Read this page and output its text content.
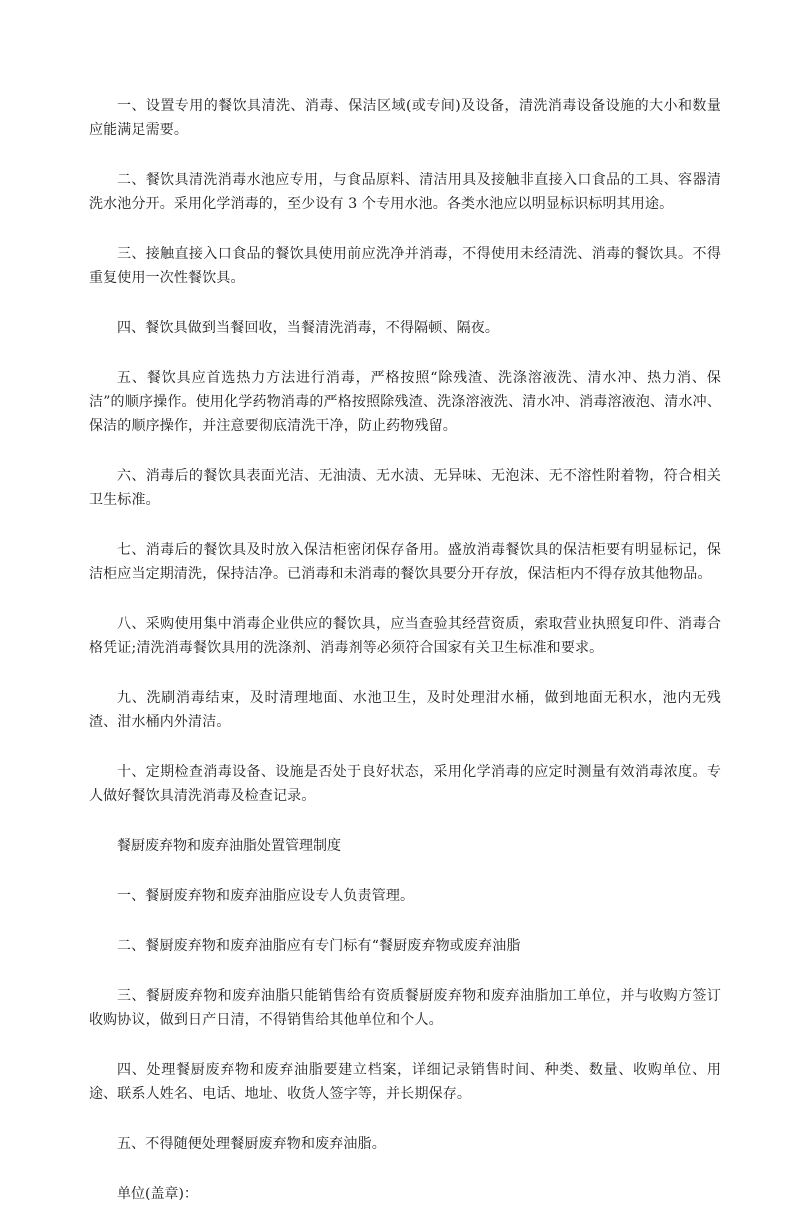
一、设置专用的餐饮具清洗、消毒、保洁区域(或专间)及设备，清洗消毒设备设施的大小和数量应能满足需要。

二、餐饮具清洗消毒水池应专用，与食品原料、清洁用具及接触非直接入口食品的工具、容器清洗水池分开。采用化学消毒的，至少设有 3 个专用水池。各类水池应以明显标识标明其用途。

三、接触直接入口食品的餐饮具使用前应洗净并消毒，不得使用未经清洗、消毒的餐饮具。不得重复使用一次性餐饮具。

四、餐饮具做到当餐回收，当餐清洗消毒，不得隔顿、隔夜。

五、餐饮具应首选热力方法进行消毒，严格按照“除残渣、洗涤溶液洗、清水冲、热力消、保洁”的顺序操作。使用化学药物消毒的严格按照除残渣、洗涤溶液洗、清水冲、消毒溶液泡、清水冲、保洁的顺序操作，并注意要彻底清洗干净，防止药物残留。

六、消毒后的餐饮具表面光洁、无油渍、无水渍、无异味、无泡沫、无不溶性附着物，符合相关卫生标准。

七、消毒后的餐饮具及时放入保洁柜密闭保存备用。盛放消毒餐饮具的保洁柜要有明显标记，保洁柜应当定期清洗，保持洁净。已消毒和未消毒的餐饮具要分开存放，保洁柜内不得存放其他物品。

八、采购使用集中消毒企业供应的餐饮具，应当查验其经营资质，索取营业执照复印件、消毒合格凭证;清洗消毒餐饮具用的洗涤剂、消毒剂等必须符合国家有关卫生标准和要求。

九、洗刷消毒结束，及时清理地面、水池卫生，及时处理泔水桶，做到地面无积水，池内无残渣、泔水桶内外清洁。

十、定期检查消毒设备、设施是否处于良好状态，采用化学消毒的应定时测量有效消毒浓度。专人做好餐饮具清洗消毒及检查记录。

餐厨废弃物和废弃油脂处置管理制度

一、餐厨废弃物和废弃油脂应设专人负责管理。

二、餐厨废弃物和废弃油脂应有专门标有“餐厨废弃物或废弃油脂

三、餐厨废弃物和废弃油脂只能销售给有资质餐厨废弃物和废弃油脂加工单位，并与收购方签订收购协议，做到日产日清，不得销售给其他单位和个人。

四、处理餐厨废弃物和废弃油脂要建立档案，详细记录销售时间、种类、数量、收购单位、用途、联系人姓名、电话、地址、收货人签字等，并长期保存。

五、不得随便处理餐厨废弃物和废弃油脂。

单位(盖章)：
